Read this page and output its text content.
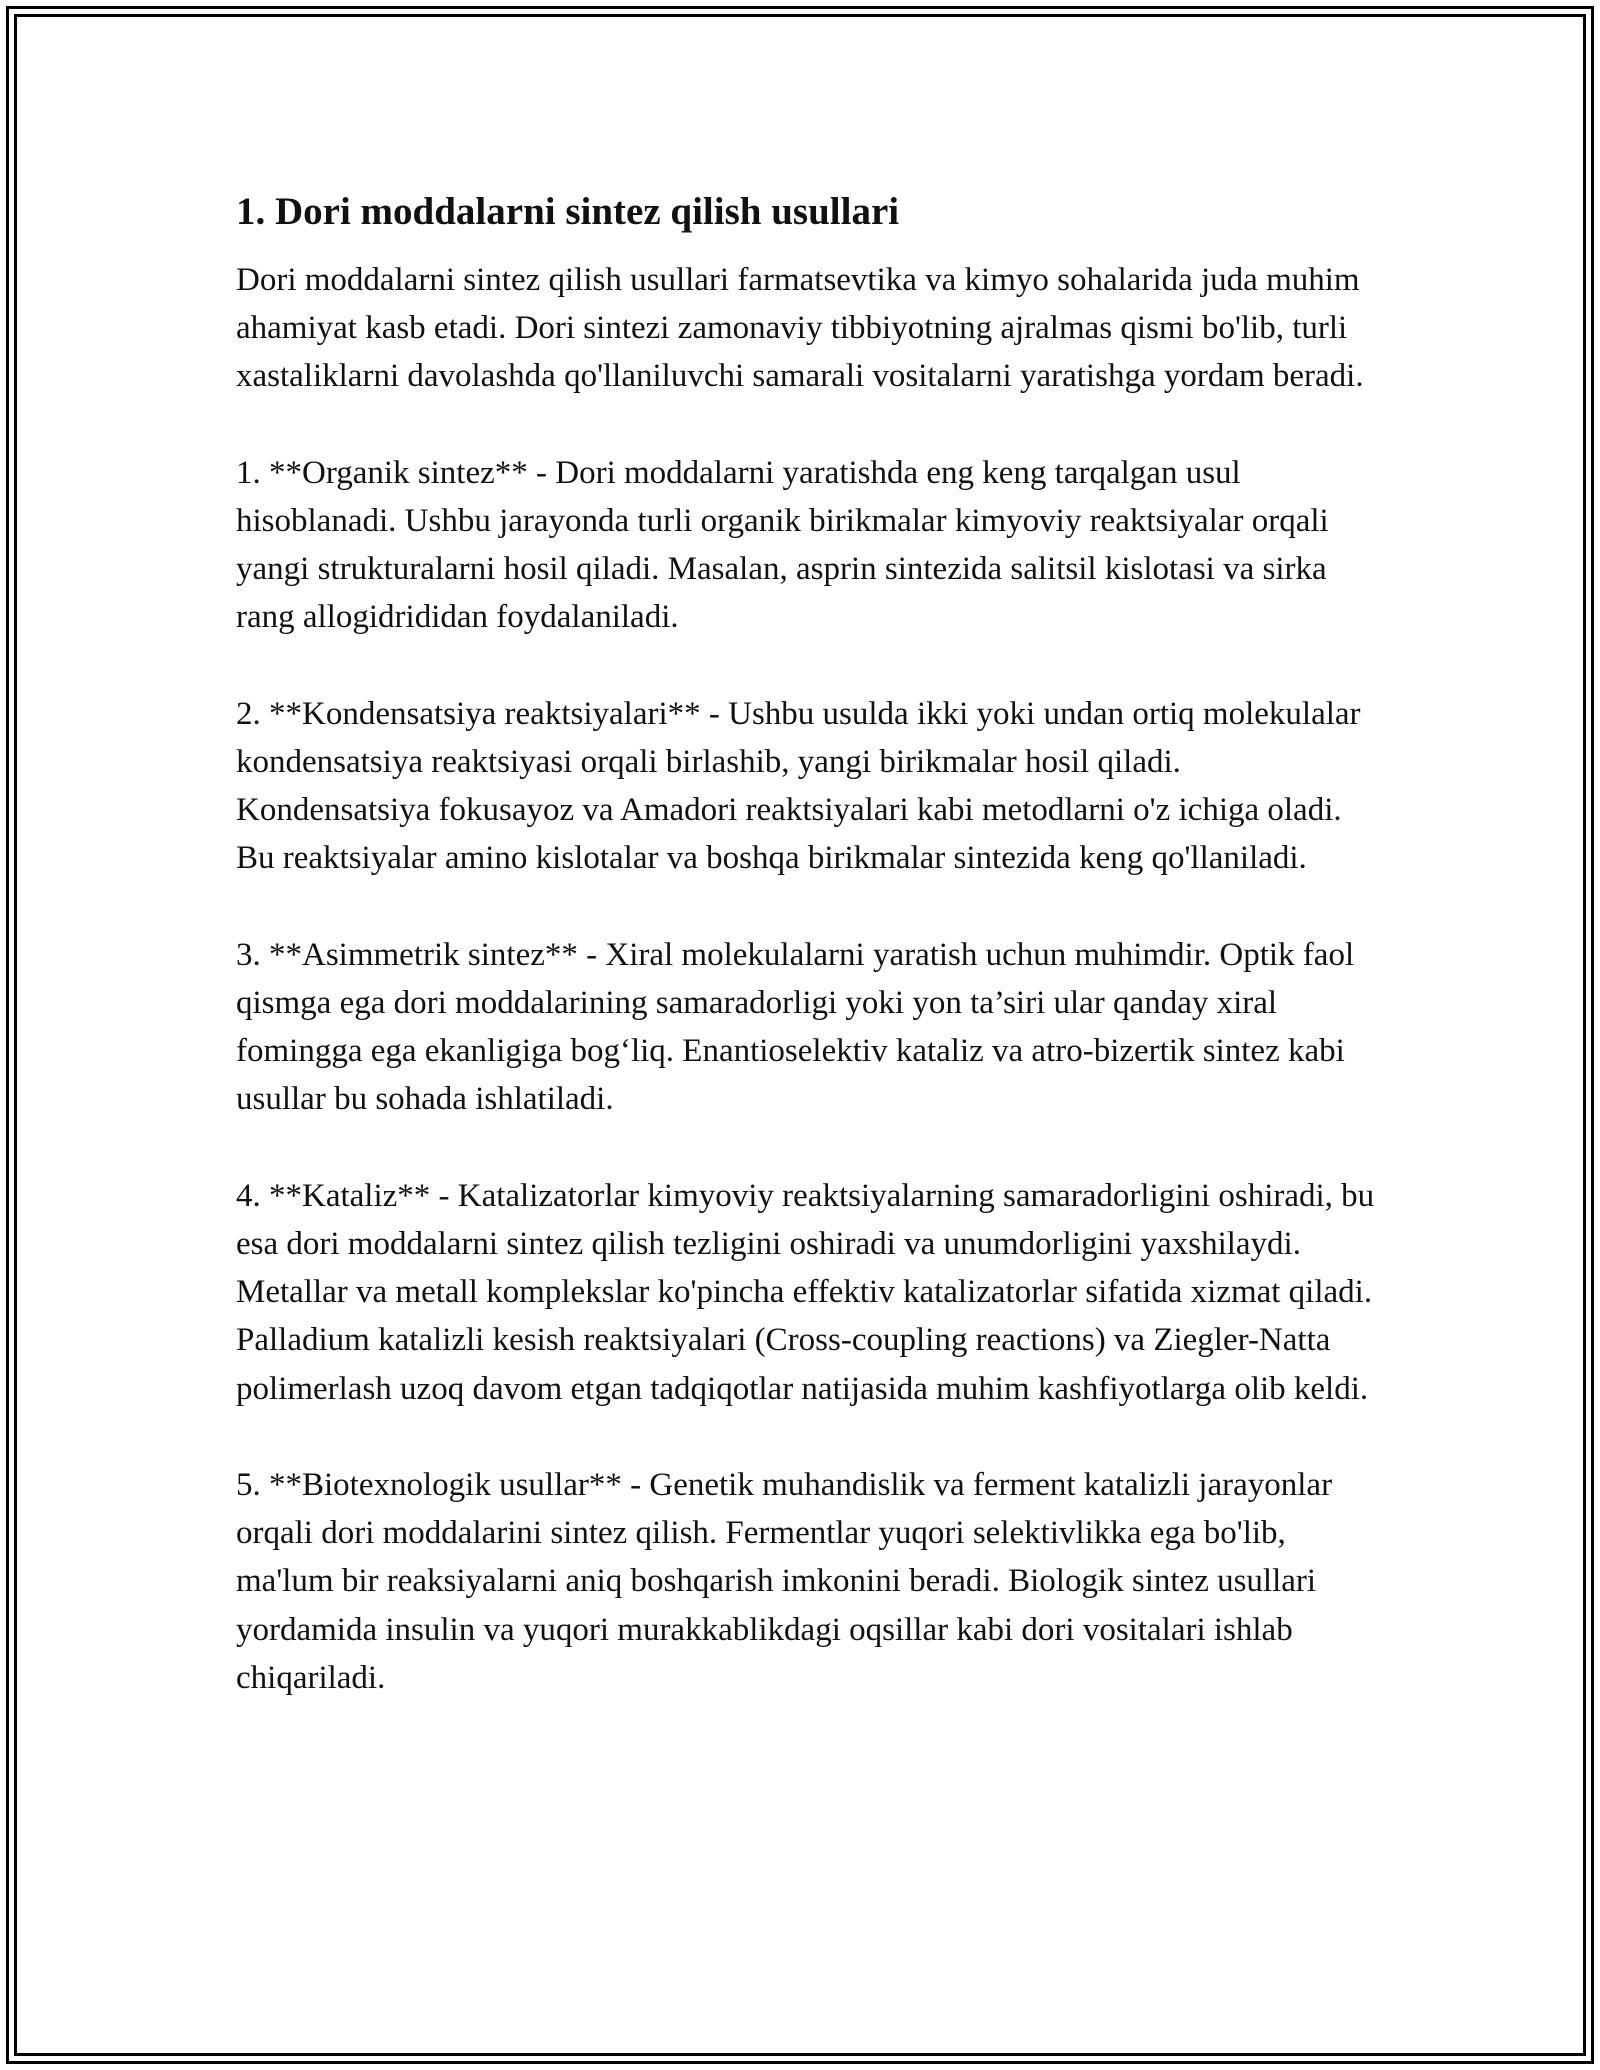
1. Dori moddalarni sintez qilish usullari

Dori moddalarni sintez qilish usullari farmatsevtika va kimyo sohalarida juda muhim ahamiyat kasb etadi. Dori sintezi zamonaviy tibbiyotning ajralmas qismi bo'lib, turli xastaliklarni davolashda qo'llaniluvchi samarali vositalarni yaratishga yordam beradi.

1. **Organik sintez** - Dori moddalarni yaratishda eng keng tarqalgan usul hisoblanadi. Ushbu jarayonda turli organik birikmalar kimyoviy reaktsiyalar orqali yangi strukturalarni hosil qiladi. Masalan, asprin sintezida salitsil kislotasi va sirka rang allogidrididan foydalaniladi.

2. **Kondensatsiya reaktsiyalari** - Ushbu usulda ikki yoki undan ortiq molekulalar kondensatsiya reaktsiyasi orqali birlashib, yangi birikmalar hosil qiladi. Kondensatsiya fokusayoz va Amadori reaktsiyalari kabi metodlarni o'z ichiga oladi. Bu reaktsiyalar amino kislotalar va boshqa birikmalar sintezida keng qo'llaniladi.

3. **Asimmetrik sintez** - Xiral molekulalarni yaratish uchun muhimdir. Optik faol qismga ega dori moddalarining samaradorligi yoki yon ta’siri ular qanday xiral fomingga ega ekanligiga bog‘liq. Enantioselektiv kataliz va atro-bizertik sintez kabi usullar bu sohada ishlatiladi.

4. **Kataliz** - Katalizatorlar kimyoviy reaktsiyalarning samaradorligini oshiradi, bu esa dori moddalarni sintez qilish tezligini oshiradi va unumdorligini yaxshilaydi. Metallar va metall komplekslar ko'pincha effektiv katalizatorlar sifatida xizmat qiladi. Palladium katalizli kesish reaktsiyalari (Cross-coupling reactions) va Ziegler-Natta polimerlash uzoq davom etgan tadqiqotlar natijasida muhim kashfiyotlarga olib keldi.

5. **Biotexnologik usullar** - Genetik muhandislik va ferment katalizli jarayonlar orqali dori moddalarini sintez qilish. Fermentlar yuqori selektivlikka ega bo'lib, ma'lum bir reaksiyalarni aniq boshqarish imkonini beradi. Biologik sintez usullari yordamida insulin va yuqori murakkablikdagi oqsillar kabi dori vositalari ishlab chiqariladi.
